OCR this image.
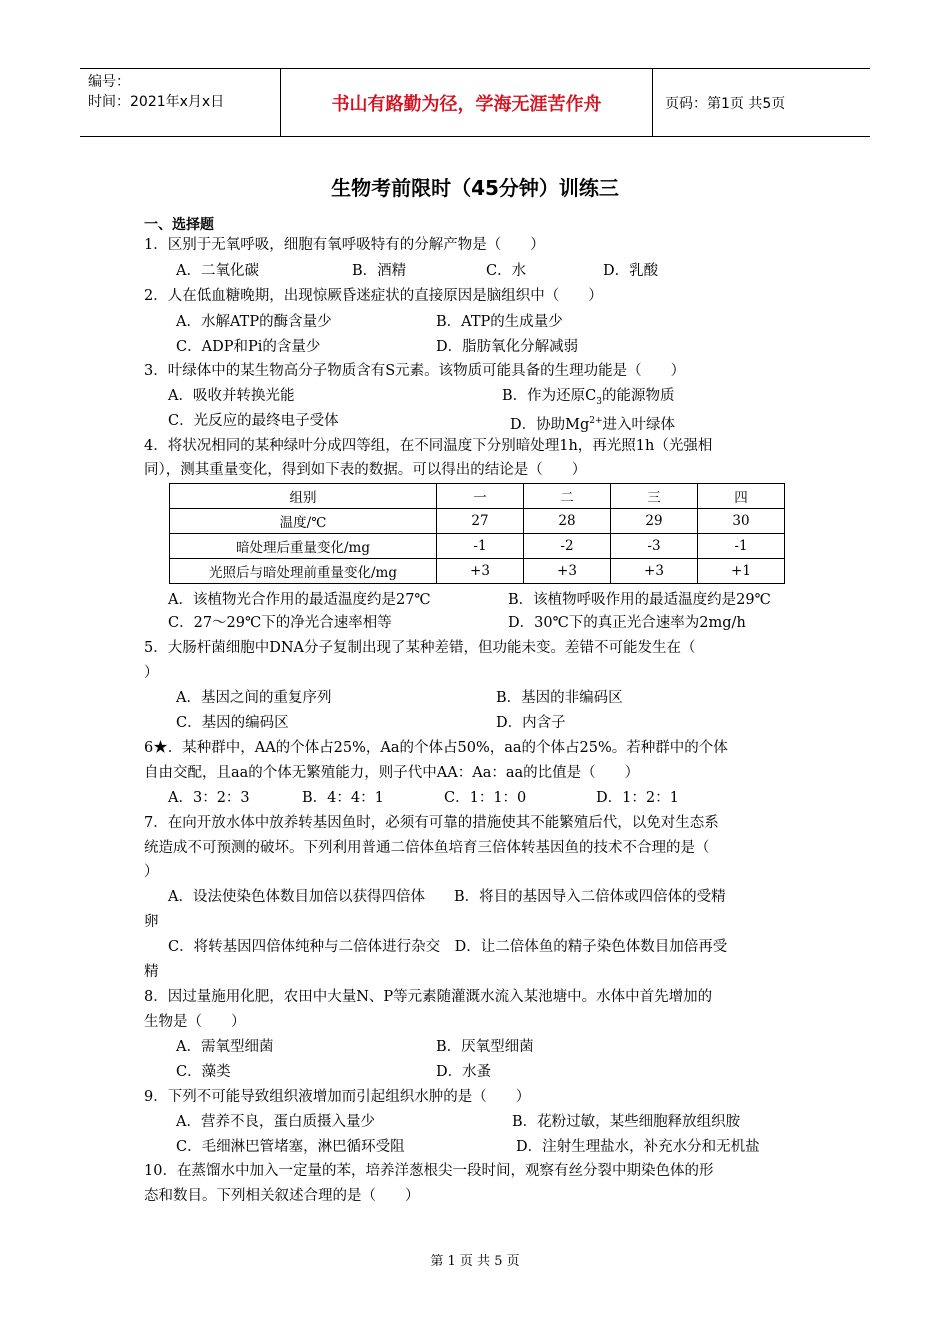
编号：
时间：2021年x月x日	书山有路勤为径，学海无涯苦作舟	页码：第1页 共5页
生物考前限时（45分钟）训练三
一、选择题
1．区别于无氧呼吸，细胞有氧呼吸特有的分解产物是（　　）
A．二氧化碳	B．酒精	C．水	D．乳酸
2．人在低血糖晚期，出现惊厥昏迷症状的直接原因是脑组织中（　　）
A．水解ATP的酶含量少	B．ATP的生成量少
C．ADP和Pi的含量少	D．脂肪氧化分解减弱
3．叶绿体中的某生物高分子物质含有S元素。该物质可能具备的生理功能是（　　）
A．吸收并转换光能	B．作为还原$C_3$的能源物质
C．光反应的最终电子受体	D．协助$Mg^{2+}$进入叶绿体
4．将状况相同的某种绿叶分成四等组，在不同温度下分别暗处理1h，再光照1h（光强相
同），测其重量变化，得到如下表的数据。可以得出的结论是（　　）
组别	一	二	三	四
温度/℃	27	28	29	30
暗处理后重量变化/mg	-1	-2	-3	-1
光照后与暗处理前重量变化/mg	+3	+3	+3	+1
A．该植物光合作用的最适温度约是27℃	B．该植物呼吸作用的最适温度约是29℃
C．27～29℃下的净光合速率相等	D．30℃下的真正光合速率为2mg/h
5．大肠杆菌细胞中DNA分子复制出现了某种差错，但功能未变。差错不可能发生在（
）
A．基因之间的重复序列	B．基因的非编码区
C．基因的编码区	D．内含子
6★．某种群中，AA的个体占25%，Aa的个体占50%，aa的个体占25%。若种群中的个体
自由交配，且aa的个体无繁殖能力，则子代中AA：Aa：aa的比值是（　　）
A．3：2：3	B．4：4：1	C．1：1：0	D．1：2：1
7．在向开放水体中放养转基因鱼时，必须有可靠的措施使其不能繁殖后代，以免对生态系
统造成不可预测的破坏。下列利用普通二倍体鱼培育三倍体转基因鱼的技术不合理的是（
）
A．设法使染色体数目加倍以获得四倍体　　B．将目的基因导入二倍体或四倍体的受精
卵
C．将转基因四倍体纯种与二倍体进行杂交　D．让二倍体鱼的精子染色体数目加倍再受
精
8．因过量施用化肥，农田中大量N、P等元素随灌溉水流入某池塘中。水体中首先增加的
生物是（　　）
A．需氧型细菌	B．厌氧型细菌
C．藻类	D．水蚤
9．下列不可能导致组织液增加而引起组织水肿的是（　　）
A．营养不良，蛋白质摄入量少	B．花粉过敏，某些细胞释放组织胺
C．毛细淋巴管堵塞，淋巴循环受阻	D．注射生理盐水，补充水分和无机盐
10．在蒸馏水中加入一定量的苯，培养洋葱根尖一段时间，观察有丝分裂中期染色体的形
态和数目。下列相关叙述合理的是（　　）
第 1 页 共 5 页
